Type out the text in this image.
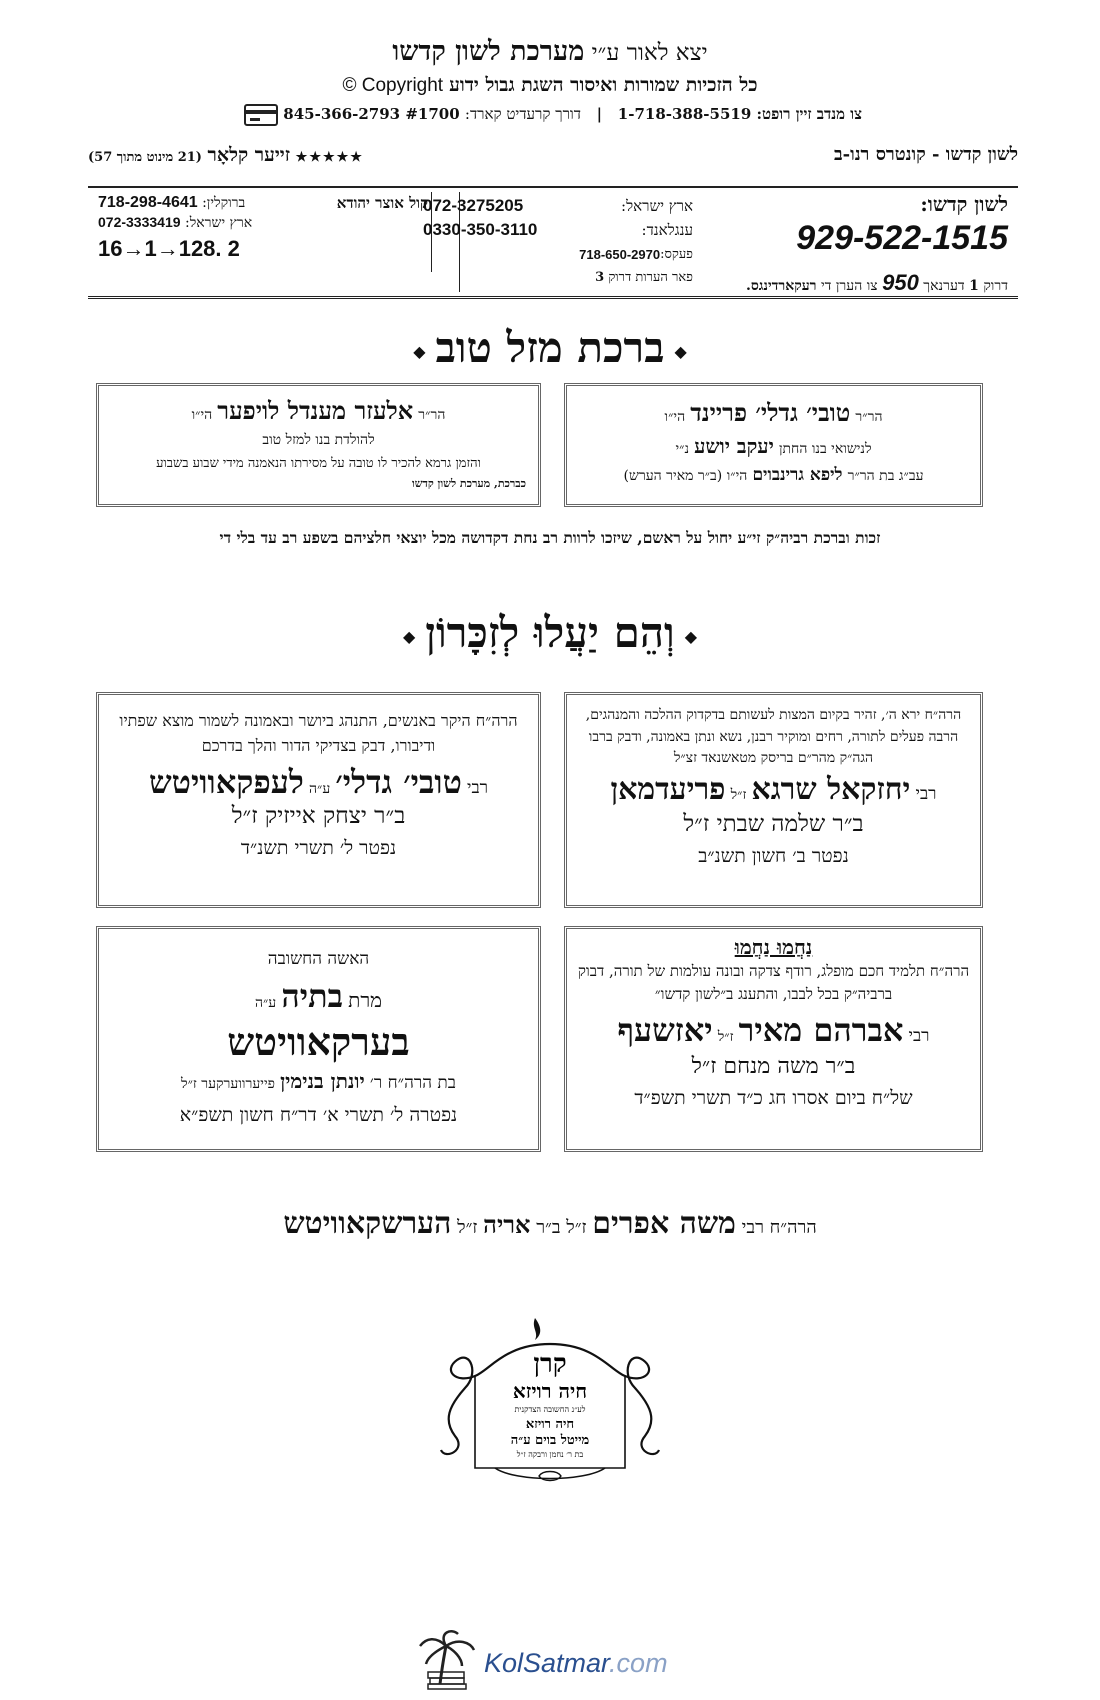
יצא לאור ע״י מערכת לשון קדשו
כל הזכיות שמורות ואיסור השגת גבול ידוע Copyright ©
צו מנדב זיין רופט: 1-718-388-5519   |   דורך קרעדיט קארד: 845-366-2793 #1700
לשון קדשו - קונטרס רנו-ב
★★★★★ זייער קלאָר (21 מינוט מתוך 57)
לשון קדשו:
929-522-1515
דרוק 1 דערנאך 950 צו הערן די רעקארדינגס.
ארץ ישראל:
072-3275205
ענגלאנד:
0330-350-3110
פעקס:
718-650-2970
פאר הערות דרוק 3
קול אוצר יהודא
ברוקלין: 718-298-4641
ארץ ישראל: 072-3333419
16→1→128. 2
◆ברכת מזל טוב◆
הר״ר טובי׳ גדלי׳ פריינד הי״ו
לנישואי בנו החתן יעקב יושע נ״י
עב״ג בת הר״ר ליפא גרינבוים הי״ו (ב״ר מאיר הערש)
הר״ר אלעזר מענדל לויפער הי״ו
להולדת בנו למזל טוב
והזמן גרמא להכיר לו טובה על מסירתו הנאמנה מידי שבוע בשבוע
כברכת, מערכת לשון קדשו
זכות וברכת רביה״ק זי״ע יחול על ראשם, שיזכו לרוות רב נחת דקדושה מכל יוצאי חלציהם בשפע רב עד בלי די
◆וְהֵם יַעֲלוּ לְזִכָּרוֹן◆
הרה״ח ירא ה׳, זהיר בקיום המצות לעשותם בדקדוק ההלכה והמנהגים, הרבה פעלים לתורה, רחים ומוקיר רבנן, נשא ונתן באמונה, ודבק ברבו הגה״ק מהר״ם בריסק מטאשנאד זצ״ל
רבי יחזקאל שרגא ז״ל פריעדמאן
ב״ר שלמה שבתי ז״ל
נפטר ב׳ חשון תשנ״ב
הרה״ח היקר באנשים, התנהג ביושר ובאמונה לשמור מוצא שפתיו ודיבורו, דבק בצדיקי הדור והלך בדרכם
רבי טובי׳ גדלי׳ ע״ה לעפקאוויטש
ב״ר יצחק אייזיק ז״ל
נפטר ל׳ תשרי תשנ״ד
נַחֲמוּ נַחֲמוּ
הרה״ח תלמיד חכם מופלג, רודף צדקה ובונה עולמות של תורה, דבוק ברביה״ק בכל לבבו, והתענג ב״לשון קדשו״
רבי אברהם מאיר ז״ל יאזשעף
ב״ר משה מנחם ז״ל
של״ח ביום אסרו חג כ״ד תשרי תשפ״ד
האשה החשובה
מרת בתיה ע״ה
בערקאוויטש
בת הרה״ח ר׳ יונתן בנימין פייערווערקער ז״ל
נפטרה ל׳ תשרי א׳ דר״ח חשון תשפ״א
הרה״ח רבי משה אפרים ז״ל ב״ר אריה ז״ל הערשקאוויטש
קרן
חיה רויזא
לע״נ החשובה הצדקנית
חיה רויזא
מייטל בוים ע״ה
בת ר׳ נחמן ורבקה ז״ל
KolSatmar.com
